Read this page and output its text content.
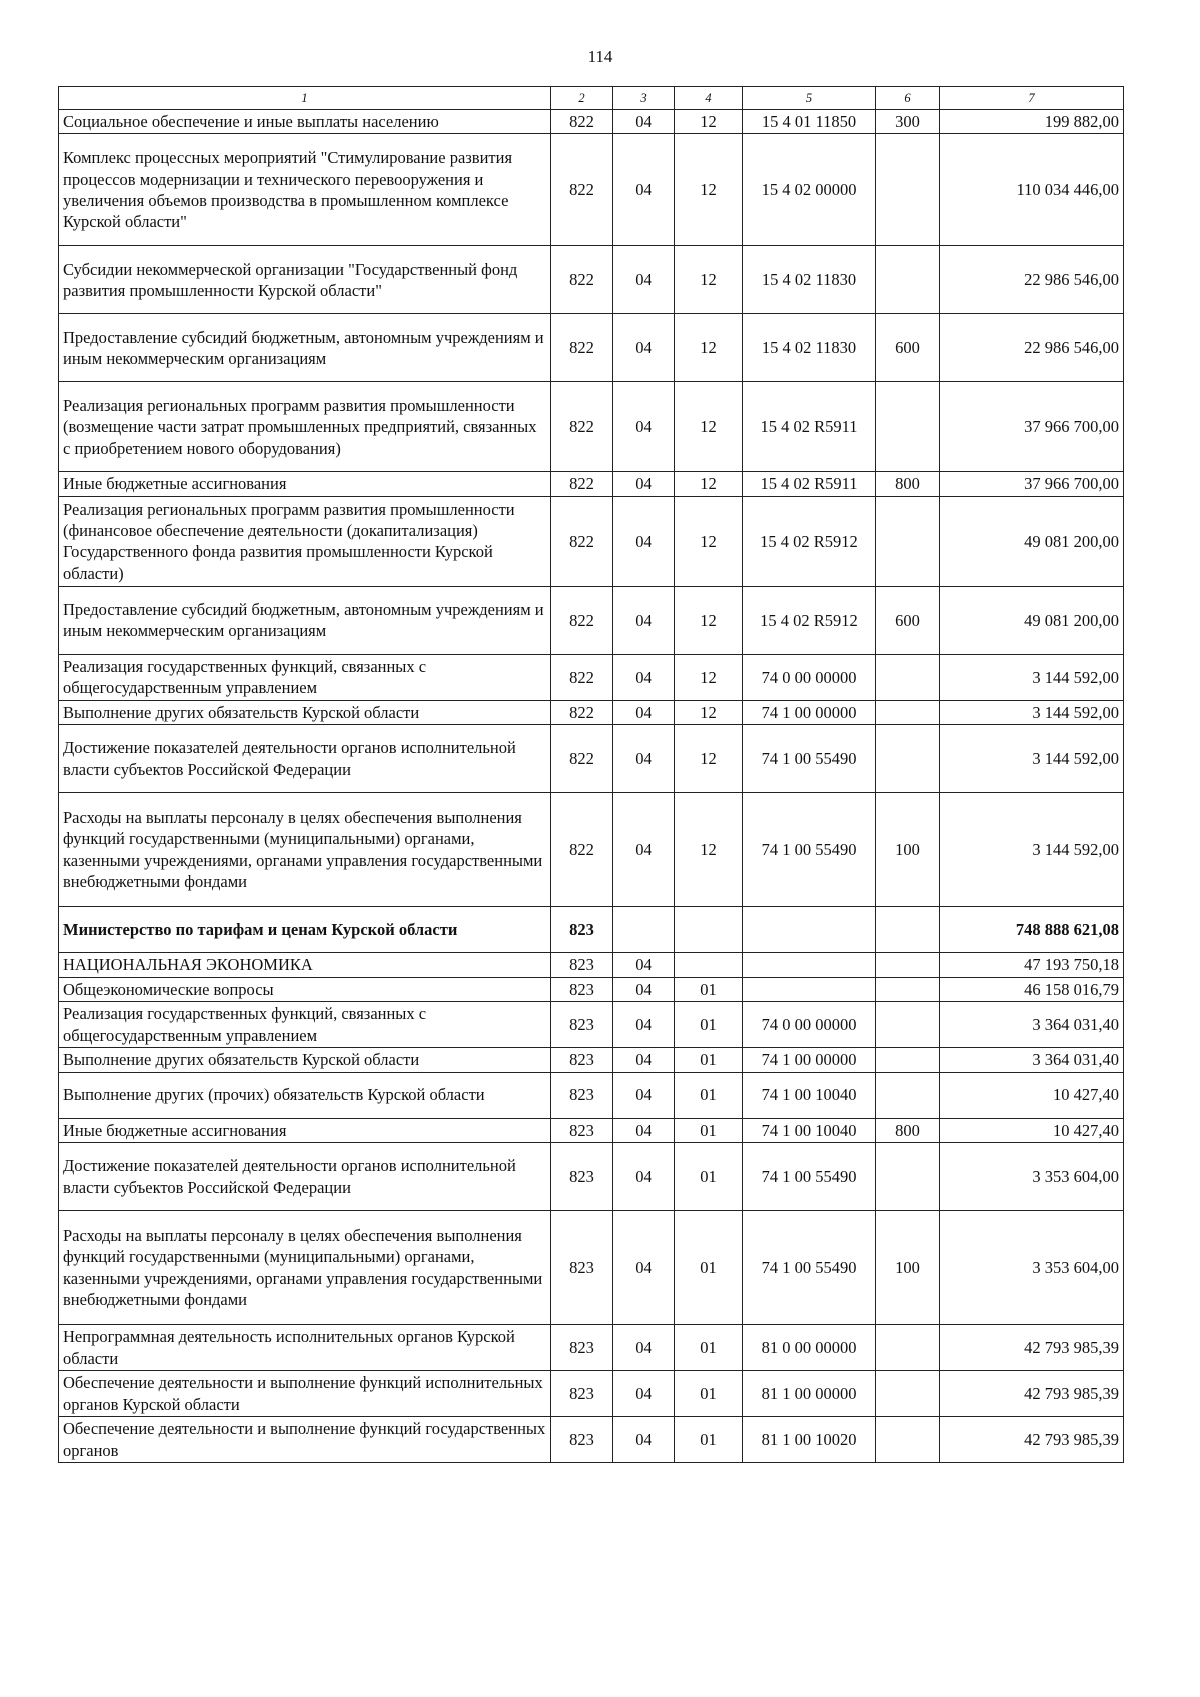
114
1	2	3	4	5	6	7
Социальное обеспечение и иные выплаты населению	822	04	12	15 4 01 11850	300	199 882,00
Комплекс процессных мероприятий "Стимулирование развития процессов модернизации и технического перевооружения и увеличения объемов производства в промышленном комплексе Курской области"	822	04	12	15 4 02 00000		110 034 446,00
Субсидии некоммерческой организации "Государственный фонд развития промышленности Курской области"	822	04	12	15 4 02 11830		22 986 546,00
Предоставление субсидий бюджетным, автономным учреждениям и иным некоммерческим организациям	822	04	12	15 4 02 11830	600	22 986 546,00
Реализация региональных программ развития промышленности (возмещение части затрат промышленных предприятий, связанных с приобретением нового оборудования)	822	04	12	15 4 02 R5911		37 966 700,00
Иные бюджетные ассигнования	822	04	12	15 4 02 R5911	800	37 966 700,00
Реализация региональных программ развития промышленности (финансовое обеспечение деятельности (докапитализация) Государственного фонда развития промышленности Курской области)	822	04	12	15 4 02 R5912		49 081 200,00
Предоставление субсидий бюджетным, автономным учреждениям и иным некоммерческим организациям	822	04	12	15 4 02 R5912	600	49 081 200,00
Реализация государственных функций, связанных с общегосударственным управлением	822	04	12	74 0 00 00000		3 144 592,00
Выполнение других обязательств Курской области	822	04	12	74 1 00 00000		3 144 592,00
Достижение показателей деятельности органов исполнительной власти субъектов Российской Федерации	822	04	12	74 1 00 55490		3 144 592,00
Расходы на выплаты персоналу в целях обеспечения выполнения функций государственными (муниципальными) органами, казенными учреждениями, органами управления государственными внебюджетными фондами	822	04	12	74 1 00 55490	100	3 144 592,00
Министерство по тарифам и ценам Курской области	823					748 888 621,08
НАЦИОНАЛЬНАЯ ЭКОНОМИКА	823	04				47 193 750,18
Общеэкономические вопросы	823	04	01			46 158 016,79
Реализация государственных функций, связанных с общегосударственным управлением	823	04	01	74 0 00 00000		3 364 031,40
Выполнение других обязательств Курской области	823	04	01	74 1 00 00000		3 364 031,40
Выполнение других (прочих) обязательств Курской области	823	04	01	74 1 00 10040		10 427,40
Иные бюджетные ассигнования	823	04	01	74 1 00 10040	800	10 427,40
Достижение показателей деятельности органов исполнительной власти субъектов Российской Федерации	823	04	01	74 1 00 55490		3 353 604,00
Расходы на выплаты персоналу в целях обеспечения выполнения функций государственными (муниципальными) органами, казенными учреждениями, органами управления государственными внебюджетными фондами	823	04	01	74 1 00 55490	100	3 353 604,00
Непрограммная деятельность исполнительных органов Курской области	823	04	01	81 0 00 00000		42 793 985,39
Обеспечение деятельности и выполнение функций исполнительных органов Курской области	823	04	01	81 1 00 00000		42 793 985,39
Обеспечение деятельности и выполнение функций государственных органов	823	04	01	81 1 00 10020		42 793 985,39
